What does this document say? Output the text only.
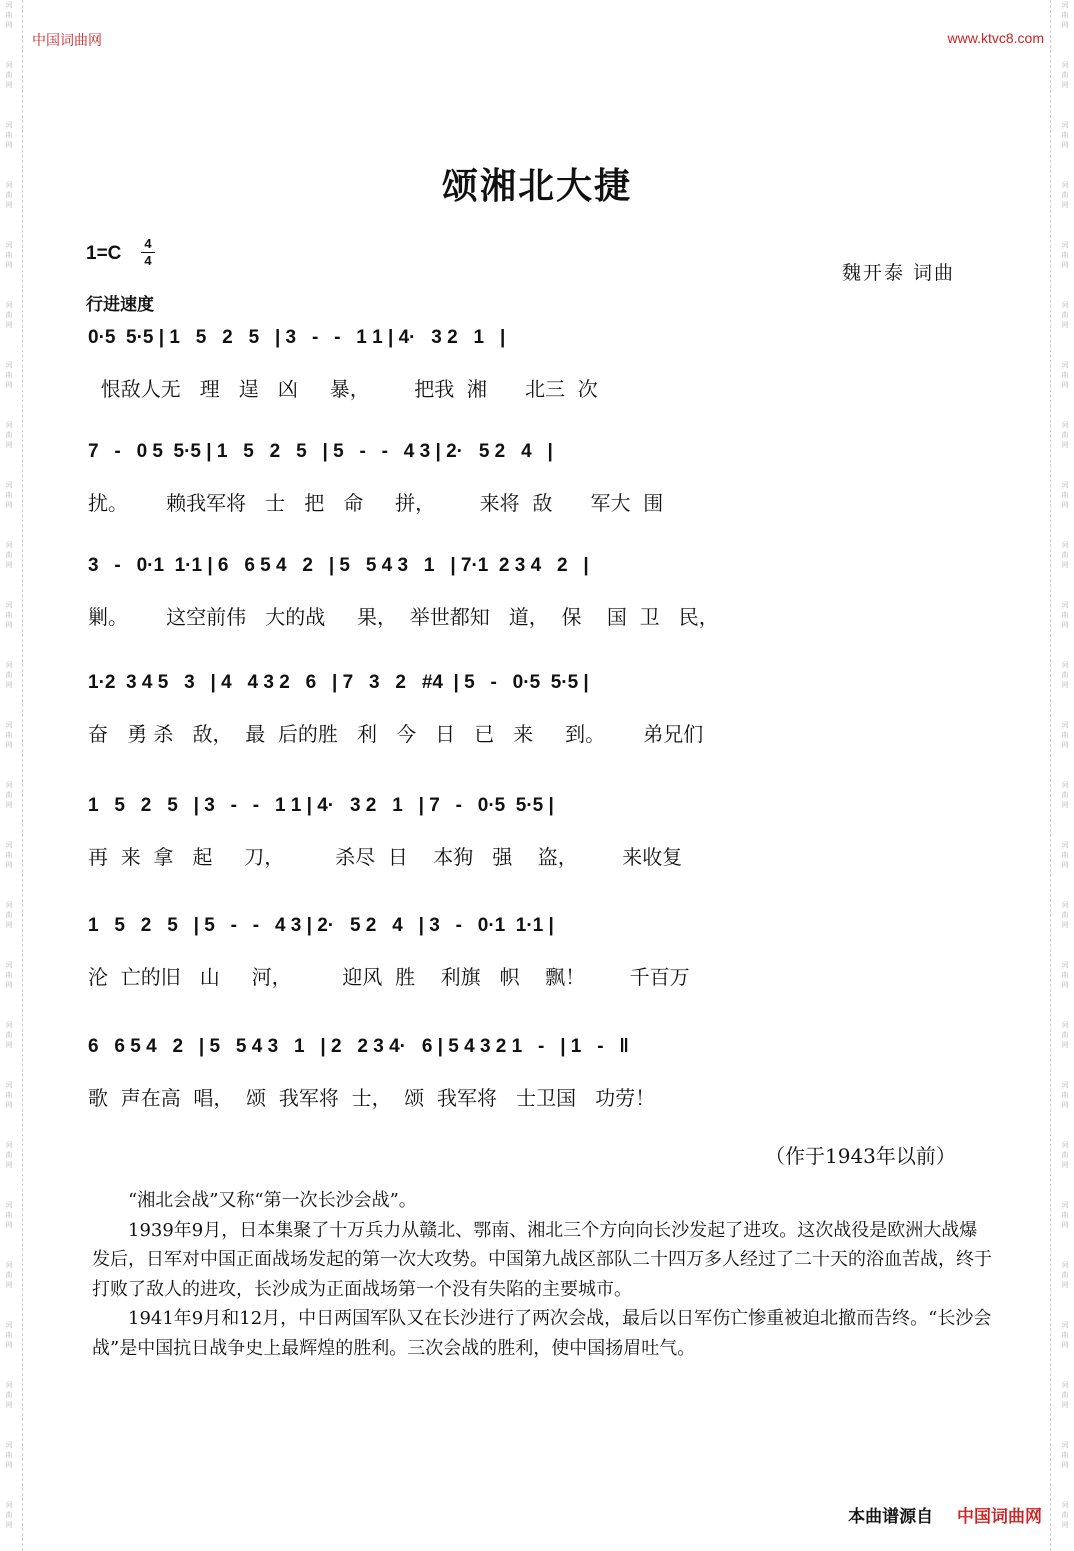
词
曲
网
词
曲
网
词
曲
网
词
曲
网
词
曲
网
词
曲
网
词
曲
网
词
曲
网
词
曲
网
词
曲
网
词
曲
网
词
曲
网
词
曲
网
词
曲
网
词
曲
网
词
曲
网
词
曲
网
词
曲
网
词
曲
网
词
曲
网
词
曲
网
词
曲
网
词
曲
网
词
曲
网
词
曲
网
词
曲
网
词
曲
网
词
曲
网
词
曲
网
词
曲
网
词
曲
网
词
曲
网
词
曲
网
词
曲
网
词
曲
网
词
曲
网
词
曲
网
词
曲
网
词
曲
网
词
曲
网
词
曲
网
词
曲
网
词
曲
网
词
曲
网
词
曲
网
词
曲
网
词
曲
网
词
曲
网
词
曲
网
词
曲
网
词
曲
网
词
曲
网
中国词曲网	www.ktvc8.com
颂湘北大捷
1=C 4
4
魏开泰 词曲
行进速度
0·5  5·5 | 1   5   2   5   | 3   -   -   1 1 | 4·   3 2   1   |
恨敌人无   理   逞   凶     暴，       把我  湘      北三  次
7   -   0 5  5·5 | 1   5   2   5   | 5   -   -   4 3 | 2·   5 2   4   |
扰。      赖我军将   士   把   命     拼，       来将  敌      军大  围
3   -   0·1  1·1 | 6   6 5 4   2   | 5   5 4 3   1   | 7·1  2 3 4   2   |
剿。      这空前伟   大的战     果，  举世都知   道，  保    国  卫   民，
1·2  3 4 5   3   | 4   4 3 2   6   | 7   3   2   #4  | 5   -   0·5  5·5 |
奋   勇 杀   敌，  最  后的胜   利   今   日   已   来     到。      弟兄们
1   5   2   5   | 3   -   -   1 1 | 4·   3 2   1   | 7   -   0·5  5·5 |
再  来  拿   起     刀，        杀尽  日    本狗   强    盗，       来收复
1   5   2   5   | 5   -   -   4 3 | 2·   5 2   4   | 3   -   0·1  1·1 |
沦  亡的旧   山     河，        迎风  胜    利旗   帜    飘！       千百万
6   6 5 4   2   | 5   5 4 3   1   | 2   2 3 4·   6 | 5 4 3 2 1   -   | 1   -   ‖
歌  声在高  唱，  颂  我军将  士，  颂  我军将   士卫国   功劳！
（作于1943年以前）

“湘北会战”又称“第一次长沙会战”。

1939年9月，日本集聚了十万兵力从赣北、鄂南、湘北三个方向向长沙发起了进攻。这次战役是欧洲大战爆发后，日军对中国正面战场发起的第一次大攻势。中国第九战区部队二十四万多人经过了二十天的浴血苦战，终于打败了敌人的进攻，长沙成为正面战场第一个没有失陷的主要城市。

1941年9月和12月，中日两国军队又在长沙进行了两次会战，最后以日军伤亡惨重被迫北撤而告终。“长沙会战”是中国抗日战争史上最辉煌的胜利。三次会战的胜利，使中国扬眉吐气。

本曲谱源自 中国词曲网
